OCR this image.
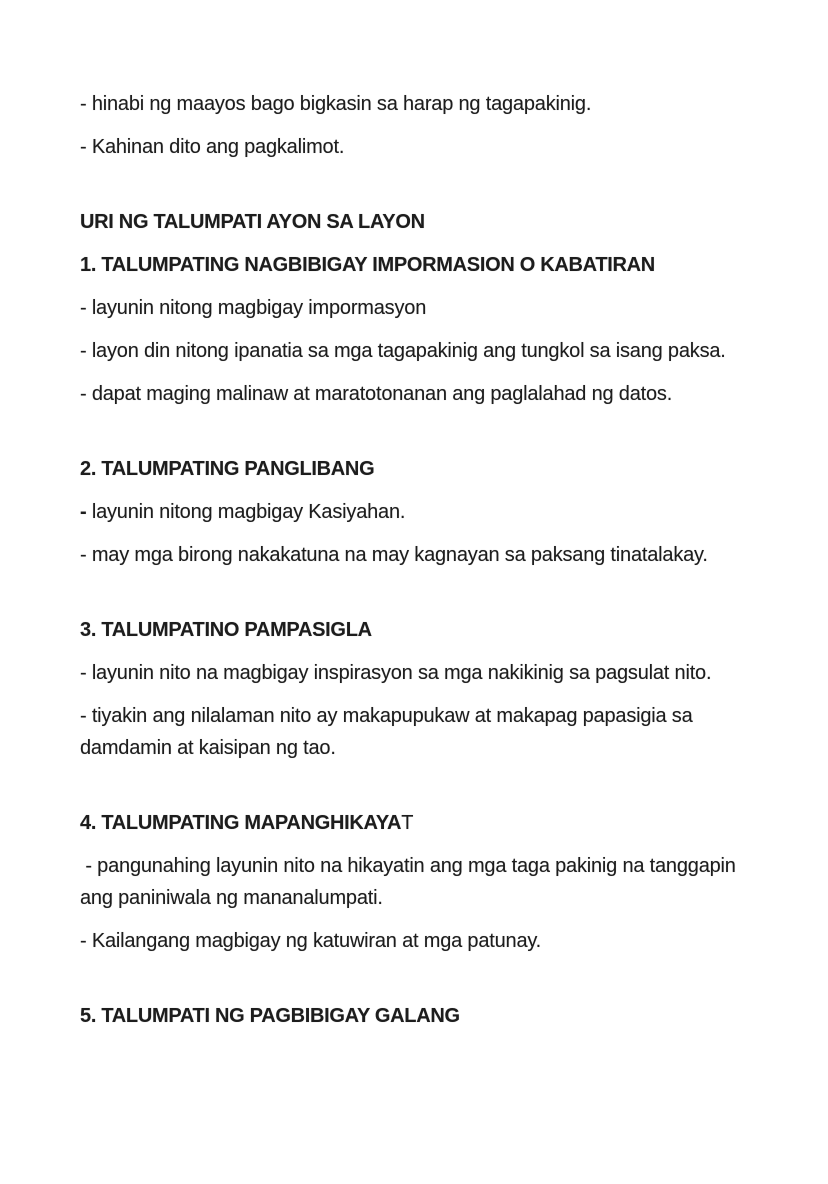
- hinabi ng maayos bago bigkasin sa harap ng tagapakinig.

- Kahinan dito ang pagkalimot.

URI NG TALUMPATI AYON SA LAYON

1. TALUMPATING NAGBIBIGAY IMPORMASION O KABATIRAN

- layunin nitong magbigay impormasyon

- layon din nitong ipanatia sa mga tagapakinig ang tungkol sa isang paksa.

- dapat maging malinaw at maratotonanan ang paglalahad ng datos.

2. TALUMPATING PANGLIBANG

- layunin nitong magbigay Kasiyahan.

- may mga birong nakakatuna na may kagnayan sa paksang tinatalakay.

3. TALUMPATINO PAMPASIGLA

- layunin nito na magbigay inspirasyon sa mga nakikinig sa pagsulat nito.

- tiyakin ang nilalaman nito ay makapupukaw at makapag papasigia sa
damdamin at kaisipan ng tao.

4. TALUMPATING MAPANGHIKAYAT

- pangunahing layunin nito na hikayatin ang mga taga pakinig na tanggapin
ang paniniwala ng mananalumpati.

- Kailangang magbigay ng katuwiran at mga patunay.

5. TALUMPATI NG PAGBIBIGAY GALANG
